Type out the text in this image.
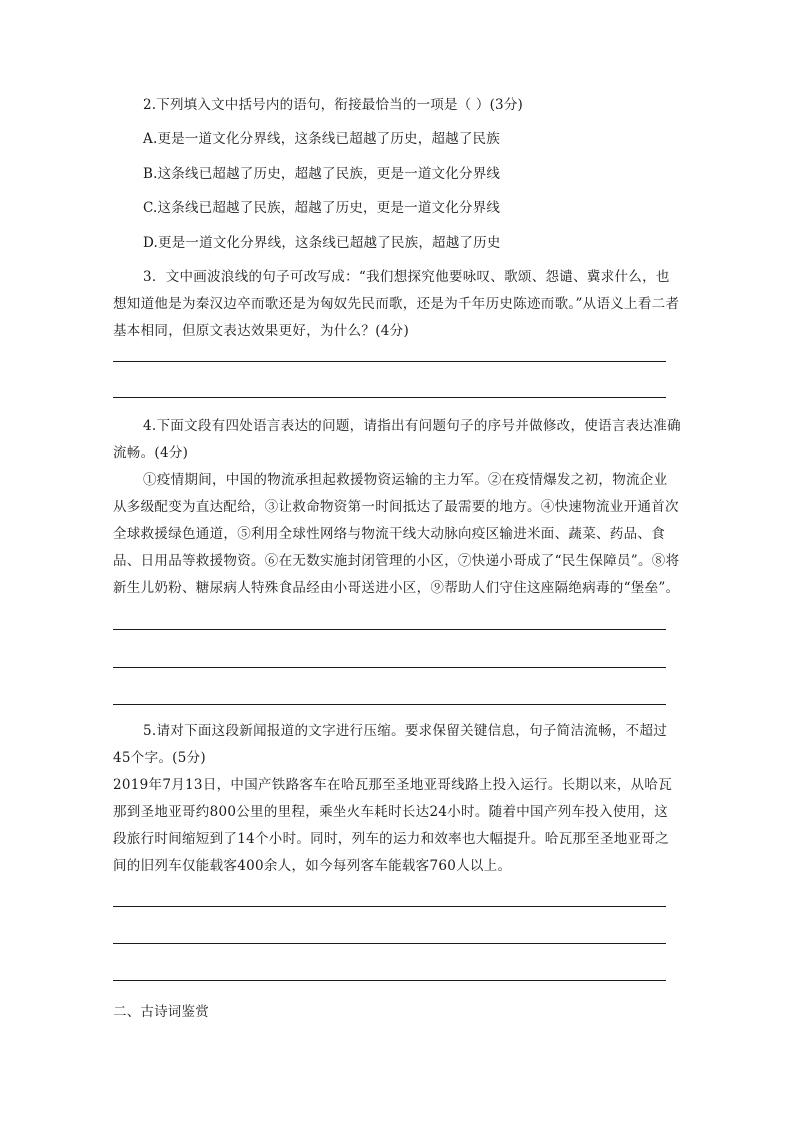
2.下列填入文中括号内的语句，衔接最恰当的一项是（ ）(3分)
A.更是一道文化分界线，这条线已超越了历史，超越了民族
B.这条线已超越了历史，超越了民族，更是一道文化分界线
C.这条线已超越了民族，超越了历史，更是一道文化分界线
D.更是一道文化分界线，这条线已超越了民族，超越了历史
3．文中画波浪线的句子可改写成：“我们想探究他要咏叹、歌颂、怨谴、冀求什么，也想知道他是为秦汉边卒而歌还是为匈奴先民而歌，还是为千年历史陈迹而歌。”从语义上看二者基本相同，但原文表达效果更好，为什么？(4分)
4.下面文段有四处语言表达的问题，请指出有问题句子的序号并做修改，使语言表达准确流畅。(4分)
①疫情期间，中国的物流承担起救援物资运输的主力军。②在疫情爆发之初，物流企业从多级配变为直达配给，③让救命物资第一时间抵达了最需要的地方。④快速物流业开通首次全球救援绿色通道，⑤利用全球性网络与物流干线大动脉向疫区输进米面、蔬菜、药品、食品、日用品等救援物资。⑥在无数实施封闭管理的小区，⑦快递小哥成了“民生保障员”。⑧将新生儿奶粉、糖尿病人特殊食品经由小哥送进小区，⑨帮助人们守住这座隔绝病毒的“堡垒”。
5.请对下面这段新闻报道的文字进行压缩。要求保留关键信息，句子简洁流畅，不超过45个字。(5分)
2019年7月13日，中国产铁路客车在哈瓦那至圣地亚哥线路上投入运行。长期以来，从哈瓦那到圣地亚哥约800公里的里程，乘坐火车耗时长达24小时。随着中国产列车投入使用，这段旅行时间缩短到了14个小时。同时，列车的运力和效率也大幅提升。哈瓦那至圣地亚哥之间的旧列车仅能载客400余人，如今每列客车能载客760人以上。
二、古诗词鉴赏
